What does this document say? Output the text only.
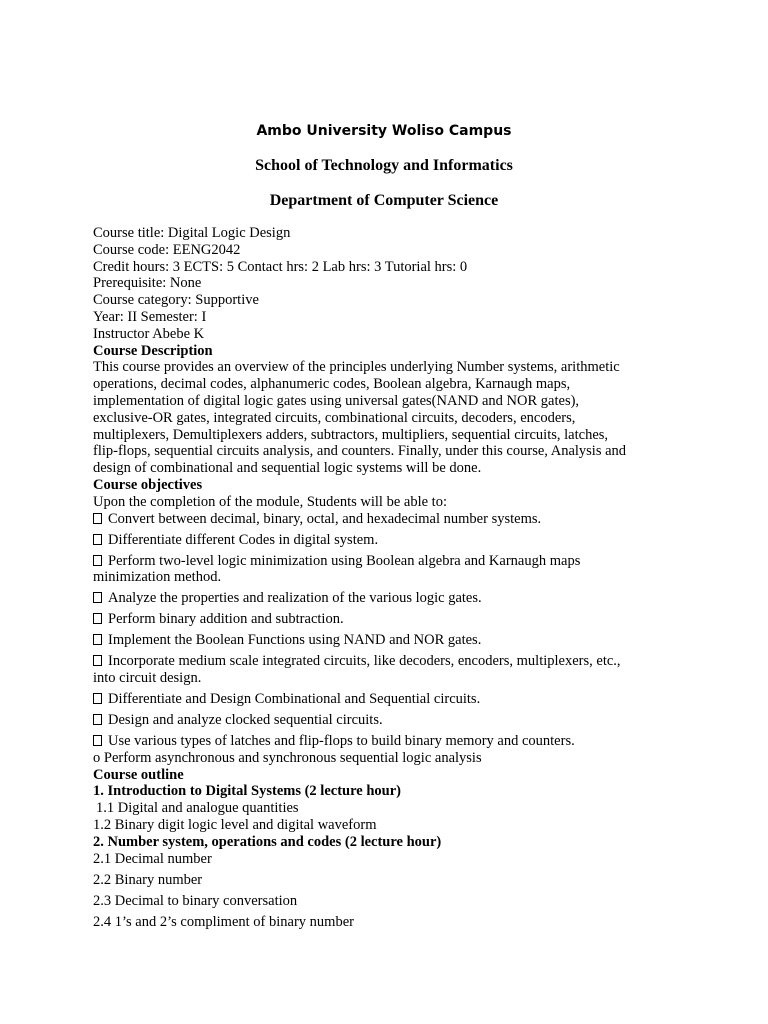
Ambo University Woliso Campus
School of Technology and Informatics
Department of Computer Science

Course title: Digital Logic Design

Course code: EENG2042

Credit hours: 3 ECTS: 5 Contact hrs: 2 Lab hrs: 3 Tutorial hrs: 0

Prerequisite: None

Course category: Supportive

Year: II Semester: I

Instructor Abebe K

Course Description

This course provides an overview of the principles underlying Number systems, arithmetic

operations, decimal codes, alphanumeric codes, Boolean algebra, Karnaugh maps,

implementation of digital logic gates using universal gates(NAND and NOR gates),

exclusive-OR gates, integrated circuits, combinational circuits, decoders, encoders,

multiplexers, Demultiplexers adders, subtractors, multipliers, sequential circuits, latches,

flip-flops, sequential circuits analysis, and counters. Finally, under this course, Analysis and

design of combinational and sequential logic systems will be done.

Course objectives

Upon the completion of the module, Students will be able to:

Convert between decimal, binary, octal, and hexadecimal number systems.

Differentiate different Codes in digital system.

Perform two-level logic minimization using Boolean algebra and Karnaugh maps

minimization method.

Analyze the properties and realization of the various logic gates.

Perform binary addition and subtraction.

Implement the Boolean Functions using NAND and NOR gates.

Incorporate medium scale integrated circuits, like decoders, encoders, multiplexers, etc.,

into circuit design.

Differentiate and Design Combinational and Sequential circuits.

Design and analyze clocked sequential circuits.

Use various types of latches and flip-flops to build binary memory and counters.

o Perform asynchronous and synchronous sequential logic analysis

Course outline

1. Introduction to Digital Systems (2 lecture hour)

1.1 Digital and analogue quantities

1.2 Binary digit logic level and digital waveform

2. Number system, operations and codes (2 lecture hour)

2.1 Decimal number

2.2 Binary number

2.3 Decimal to binary conversation

2.4 1’s and 2’s compliment of binary number
